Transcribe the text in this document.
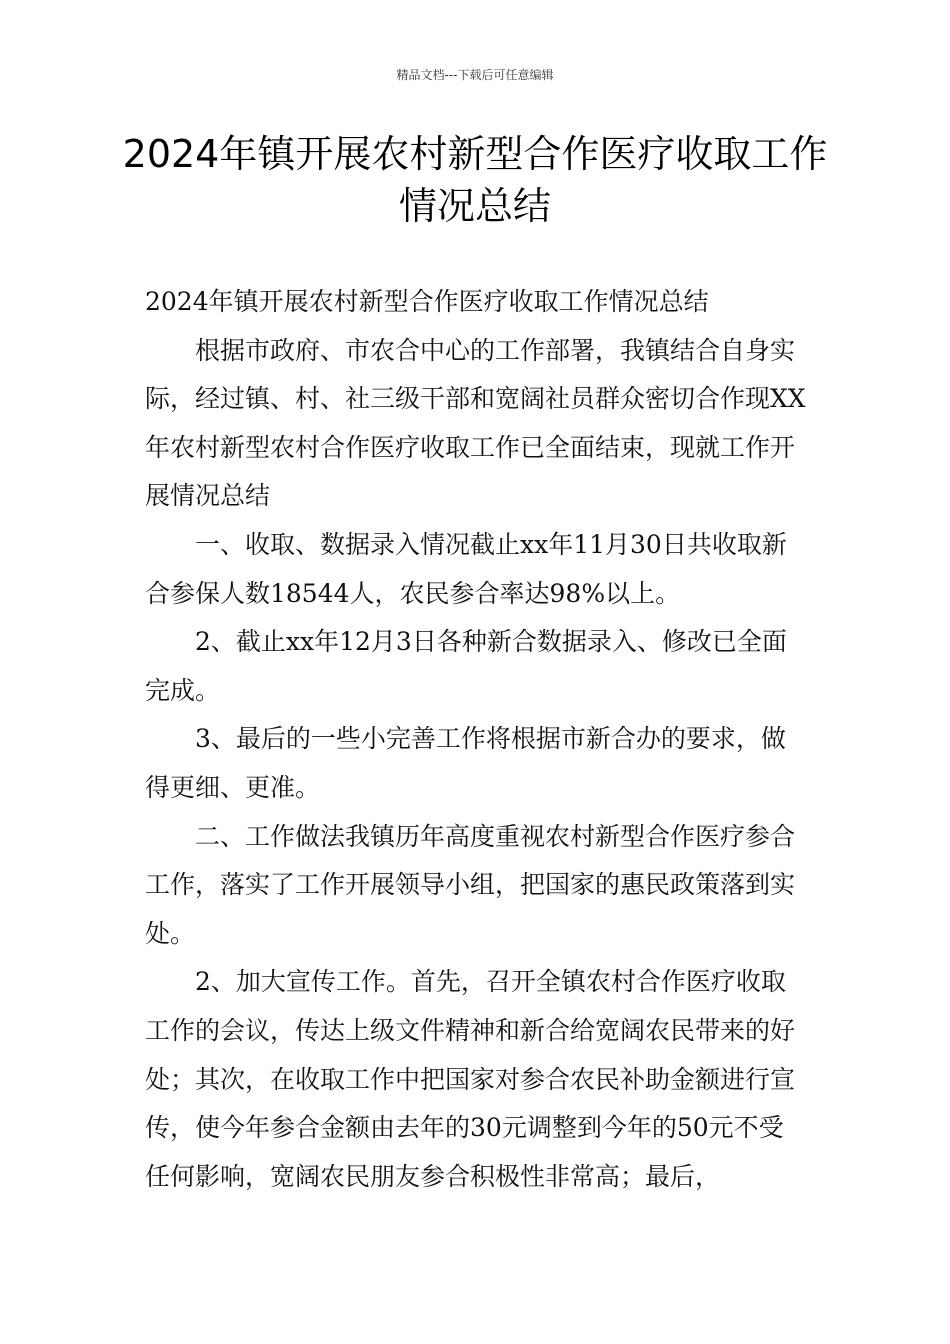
精品文档---下载后可任意编辑
2024年镇开展农村新型合作医疗收取工作情况总结

2024年镇开展农村新型合作医疗收取工作情况总结

根据市政府、市农合中心的工作部署，我镇结合自身实际，经过镇、村、社三级干部和宽阔社员群众密切合作现XX年农村新型农村合作医疗收取工作已全面结束，现就工作开展情况总结

一、收取、数据录入情况截止xx年11月30日共收取新合参保人数18544人，农民参合率达98%以上。

2、截止xx年12月3日各种新合数据录入、修改已全面完成。

3、最后的一些小完善工作将根据市新合办的要求，做得更细、更准。

二、工作做法我镇历年高度重视农村新型合作医疗参合工作，落实了工作开展领导小组，把国家的惠民政策落到实处。

2、加大宣传工作。首先，召开全镇农村合作医疗收取工作的会议，传达上级文件精神和新合给宽阔农民带来的好处；其次，在收取工作中把国家对参合农民补助金额进行宣传，使今年参合金额由去年的30元调整到今年的50元不受任何影响，宽阔农民朋友参合积极性非常高；最后，
